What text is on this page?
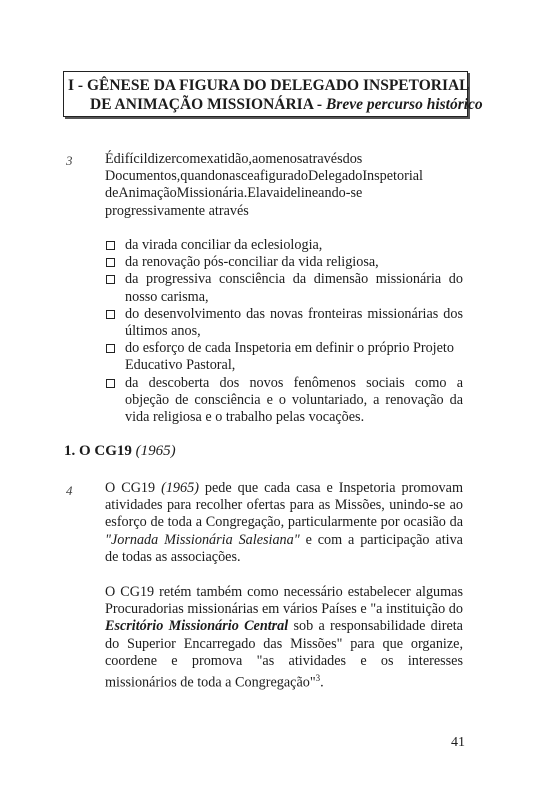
I - GÊNESE DA FIGURA DO DELEGADO INSPETORIAL
DE ANIMAÇÃO MISSIONÁRIA - Breve percurso histórico
3 Édifícildizercomexatidão,aomenosatravésdos
Documentos,quandonasceafiguradoDelegadoInspetorial
deAnimaçãoMissionária.Elavaidelineando-se
progressivamente através
da virada conciliar da eclesiologia,
da renovação pós-conciliar da vida religiosa,
da progressiva consciência da dimensão missionária do nosso carisma,
do desenvolvimento das novas fronteiras missionárias dos últimos anos,
do esforço de cada Inspetoria em definir o próprio Projeto Educativo Pastoral,
da descoberta dos novos fenômenos sociais como a objeção de consciência e o voluntariado, a renovação da vida religiosa e o trabalho pelas vocações.
1. O CG19 (1965)
4 O CG19 (1965) pede que cada casa e Inspetoria promovam atividades para recolher ofertas para as Missões, unindo-se ao esforço de toda a Congregação, particularmente por ocasião da "Jornada Missionária Salesiana" e com a participação ativa de todas as associações.
O CG19 retém também como necessário estabelecer algumas Procuradorias missionárias em vários Países e "a instituição do Escritório Missionário Central sob a responsabilidade direta do Superior Encarregado das Missões" para que organize, coordene e promova "as atividades e os interesses missionários de toda a Congregação"$^3$.
41
